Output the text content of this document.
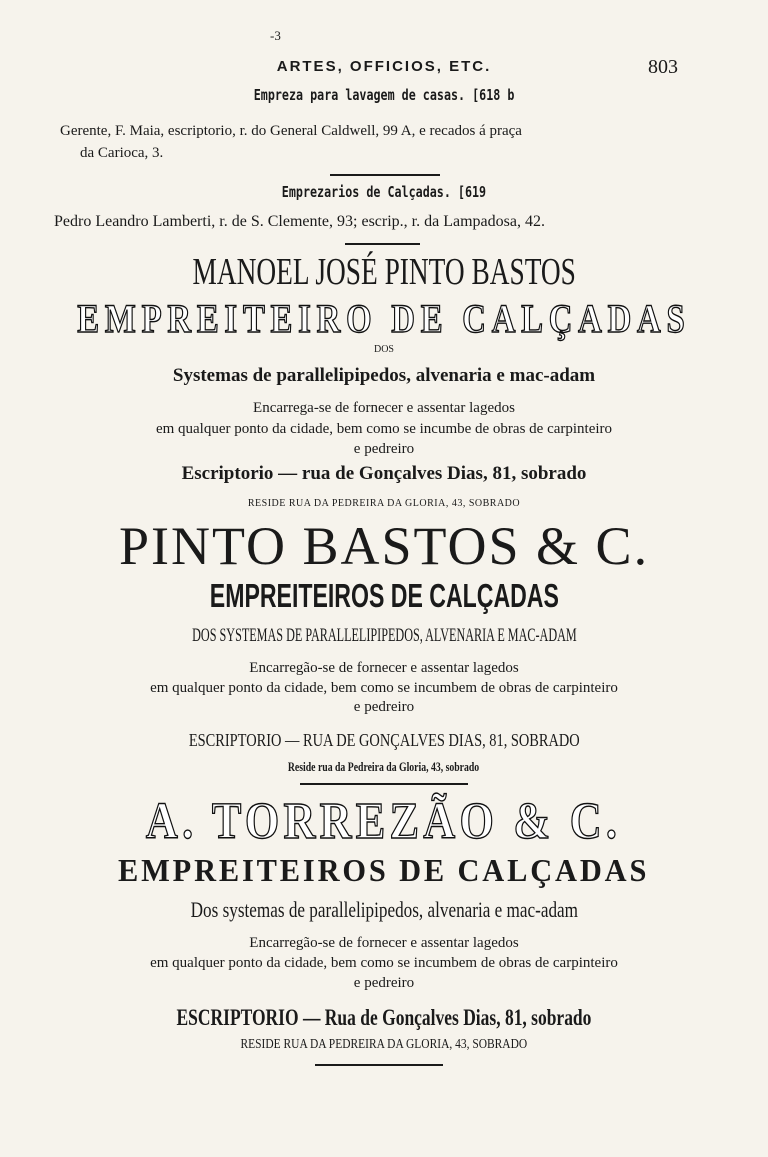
-3
ARTES, OFFICIOS, ETC.	803
Empreza para lavagem de casas. [618 b
Gerente, F. Maia, escriptorio, r. do General Caldwell, 99 A, e recados á praça
da Carioca, 3.
Emprezarios de Calçadas. [619
Pedro Leandro Lamberti, r. de S. Clemente, 93; escrip., r. da Lampadosa, 42.
MANOEL JOSÉ PINTO BASTOS
EMPREITEIRO DE CALÇADAS
DOS
Systemas de parallelipipedos, alvenaria e mac-adam
Encarrega-se de fornecer e assentar lagedos
em qualquer ponto da cidade, bem como se incumbe de obras de carpinteiro
e pedreiro
Escriptorio — rua de Gonçalves Dias, 81, sobrado
RESIDE RUA DA PEDREIRA DA GLORIA, 43, SOBRADO
PINTO BASTOS & C.
EMPREITEIROS DE CALÇADAS
DOS SYSTEMAS DE PARALLELIPIPEDOS, ALVENARIA E MAC-ADAM
Encarregão-se de fornecer e assentar lagedos
em qualquer ponto da cidade, bem como se incumbem de obras de carpinteiro
e pedreiro
ESCRIPTORIO — RUA DE GONÇALVES DIAS, 81, SOBRADO
Reside rua da Pedreira da Gloria, 43, sobrado
A. TORREZÃO & C.
EMPREITEIROS DE CALÇADAS
Dos systemas de parallelipipedos, alvenaria e mac-adam
Encarregão-se de fornecer e assentar lagedos
em qualquer ponto da cidade, bem como se incumbem de obras de carpinteiro
e pedreiro
ESCRIPTORIO — Rua de Gonçalves Dias, 81, sobrado
RESIDE RUA DA PEDREIRA DA GLORIA, 43, SOBRADO
